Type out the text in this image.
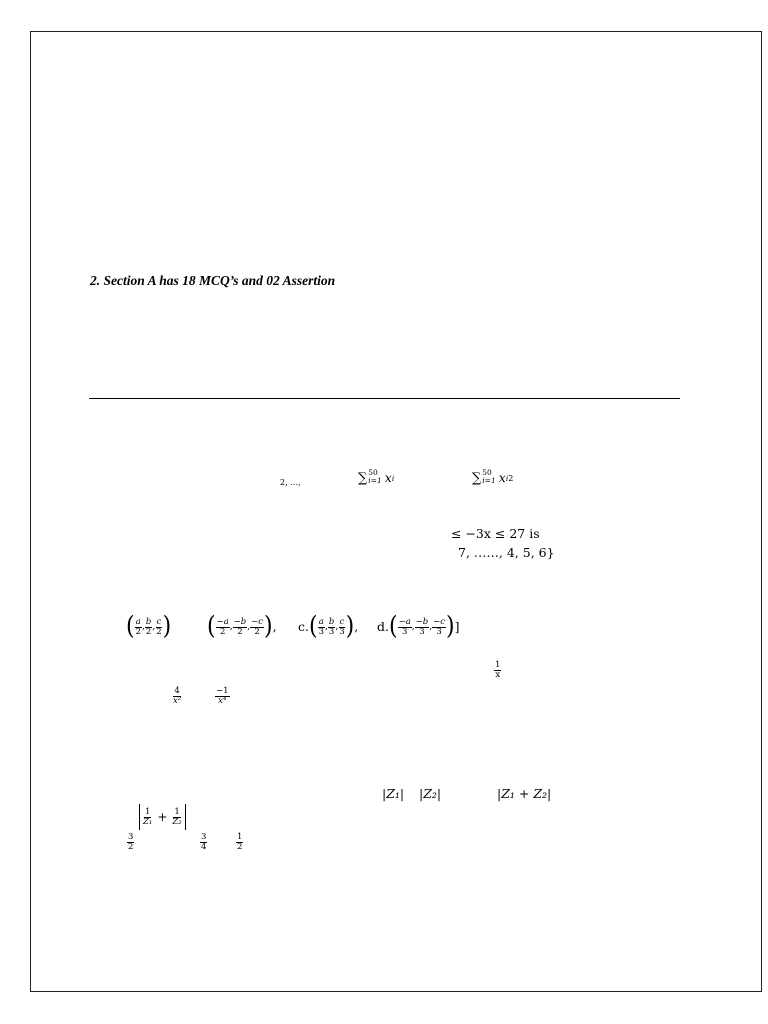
2. Section A has 18 MCQ’s and 02 Assertion
2, …,	∑ 50
i=1 x i	∑ 50
i=1 x i 2
≤ −3x ≤ 27 is
7, ……, 4, 5, 6}
( $\frac{a}{2}$ , $\frac{b}{2}$ , $\frac{c}{2}$ ) ( $\frac{-a}{2}$ , $\frac{-b}{2}$ , $\frac{-c}{2}$ ) , c. ( $\frac{a}{3}$ , $\frac{b}{3}$ , $\frac{c}{3}$ ) , d. ( $\frac{-a}{3}$ , $\frac{-b}{3}$ , $\frac{-c}{3}$ ) ]
$\frac{1}{x}$
$\frac{4}{\text{x²}}$	$\frac{-1}{\text{x⁴}}$
|Z₁| |Z₂|	|Z₁ + Z₂|
$\frac{1}{\text{Z₁}} + \frac{1}{\text{Z₂}}$
$\frac{3}{2}$	$\frac{3}{4}$	$\frac{1}{2}$
